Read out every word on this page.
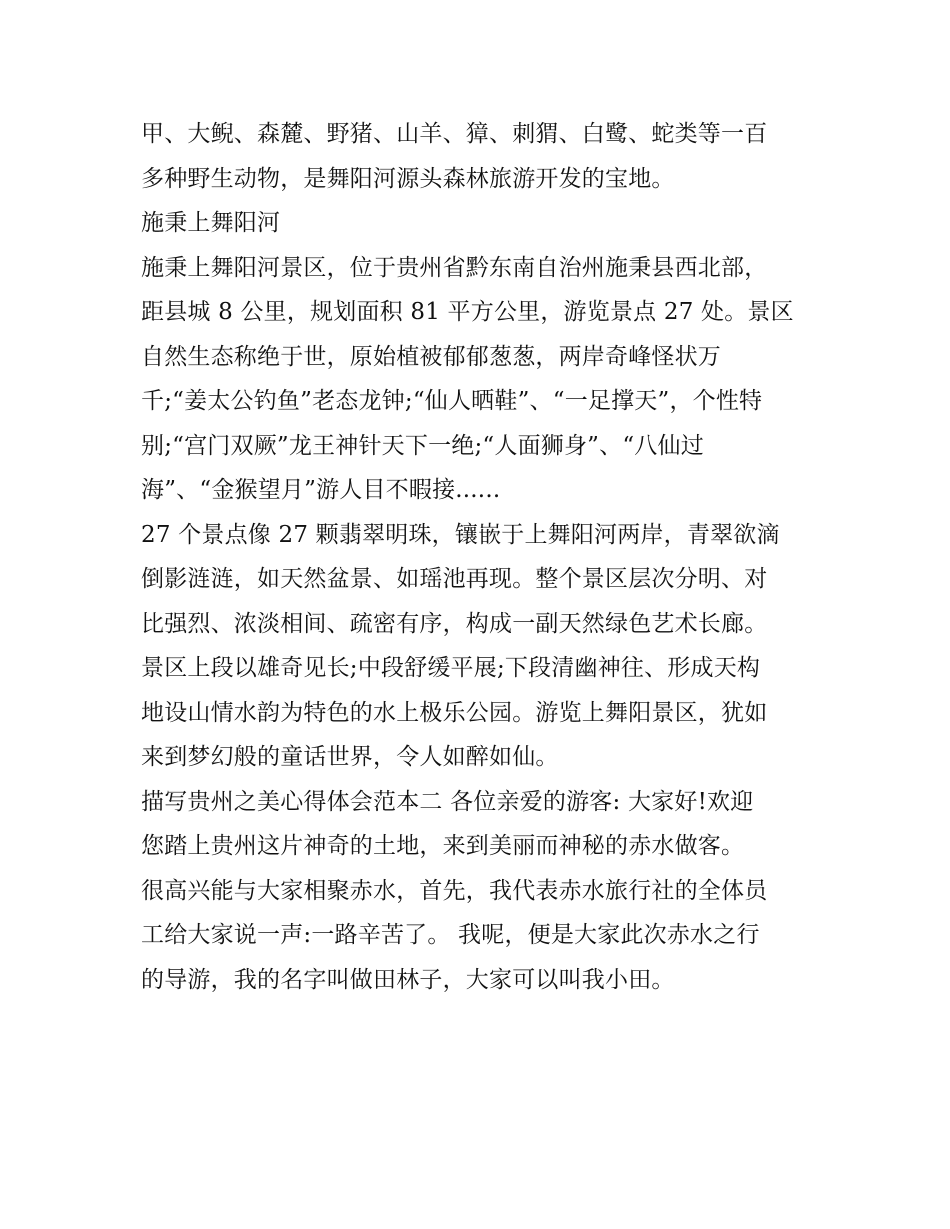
甲、大鲵、森麓、野猪、山羊、獐、刺猬、白鹭、蛇类等一百
多种野生动物，是舞阳河源头森林旅游开发的宝地。
施秉上舞阳河
施秉上舞阳河景区，位于贵州省黔东南自治州施秉县西北部，
距县城 8 公里，规划面积 81 平方公里，游览景点 27 处。景区
自然生态称绝于世，原始植被郁郁葱葱，两岸奇峰怪状万
千;“姜太公钓鱼”老态龙钟;“仙人晒鞋”、“一足撑天”，个性特
别;“宫门双厥”龙王神针天下一绝;“人面狮身”、“八仙过
海”、“金猴望月”游人目不暇接......
27 个景点像 27 颗翡翠明珠，镶嵌于上舞阳河两岸，青翠欲滴
倒影涟涟，如天然盆景、如瑶池再现。整个景区层次分明、对
比强烈、浓淡相间、疏密有序，构成一副天然绿色艺术长廊。
景区上段以雄奇见长;中段舒缓平展;下段清幽神往、形成天构
地设山情水韵为特色的水上极乐公园。游览上舞阳景区，犹如
来到梦幻般的童话世界，令人如醉如仙。
描写贵州之美心得体会范本二 各位亲爱的游客: 大家好!欢迎
您踏上贵州这片神奇的土地，来到美丽而神秘的赤水做客。
很高兴能与大家相聚赤水，首先，我代表赤水旅行社的全体员
工给大家说一声:一路辛苦了。 我呢，便是大家此次赤水之行
的导游，我的名字叫做田林子，大家可以叫我小田。
